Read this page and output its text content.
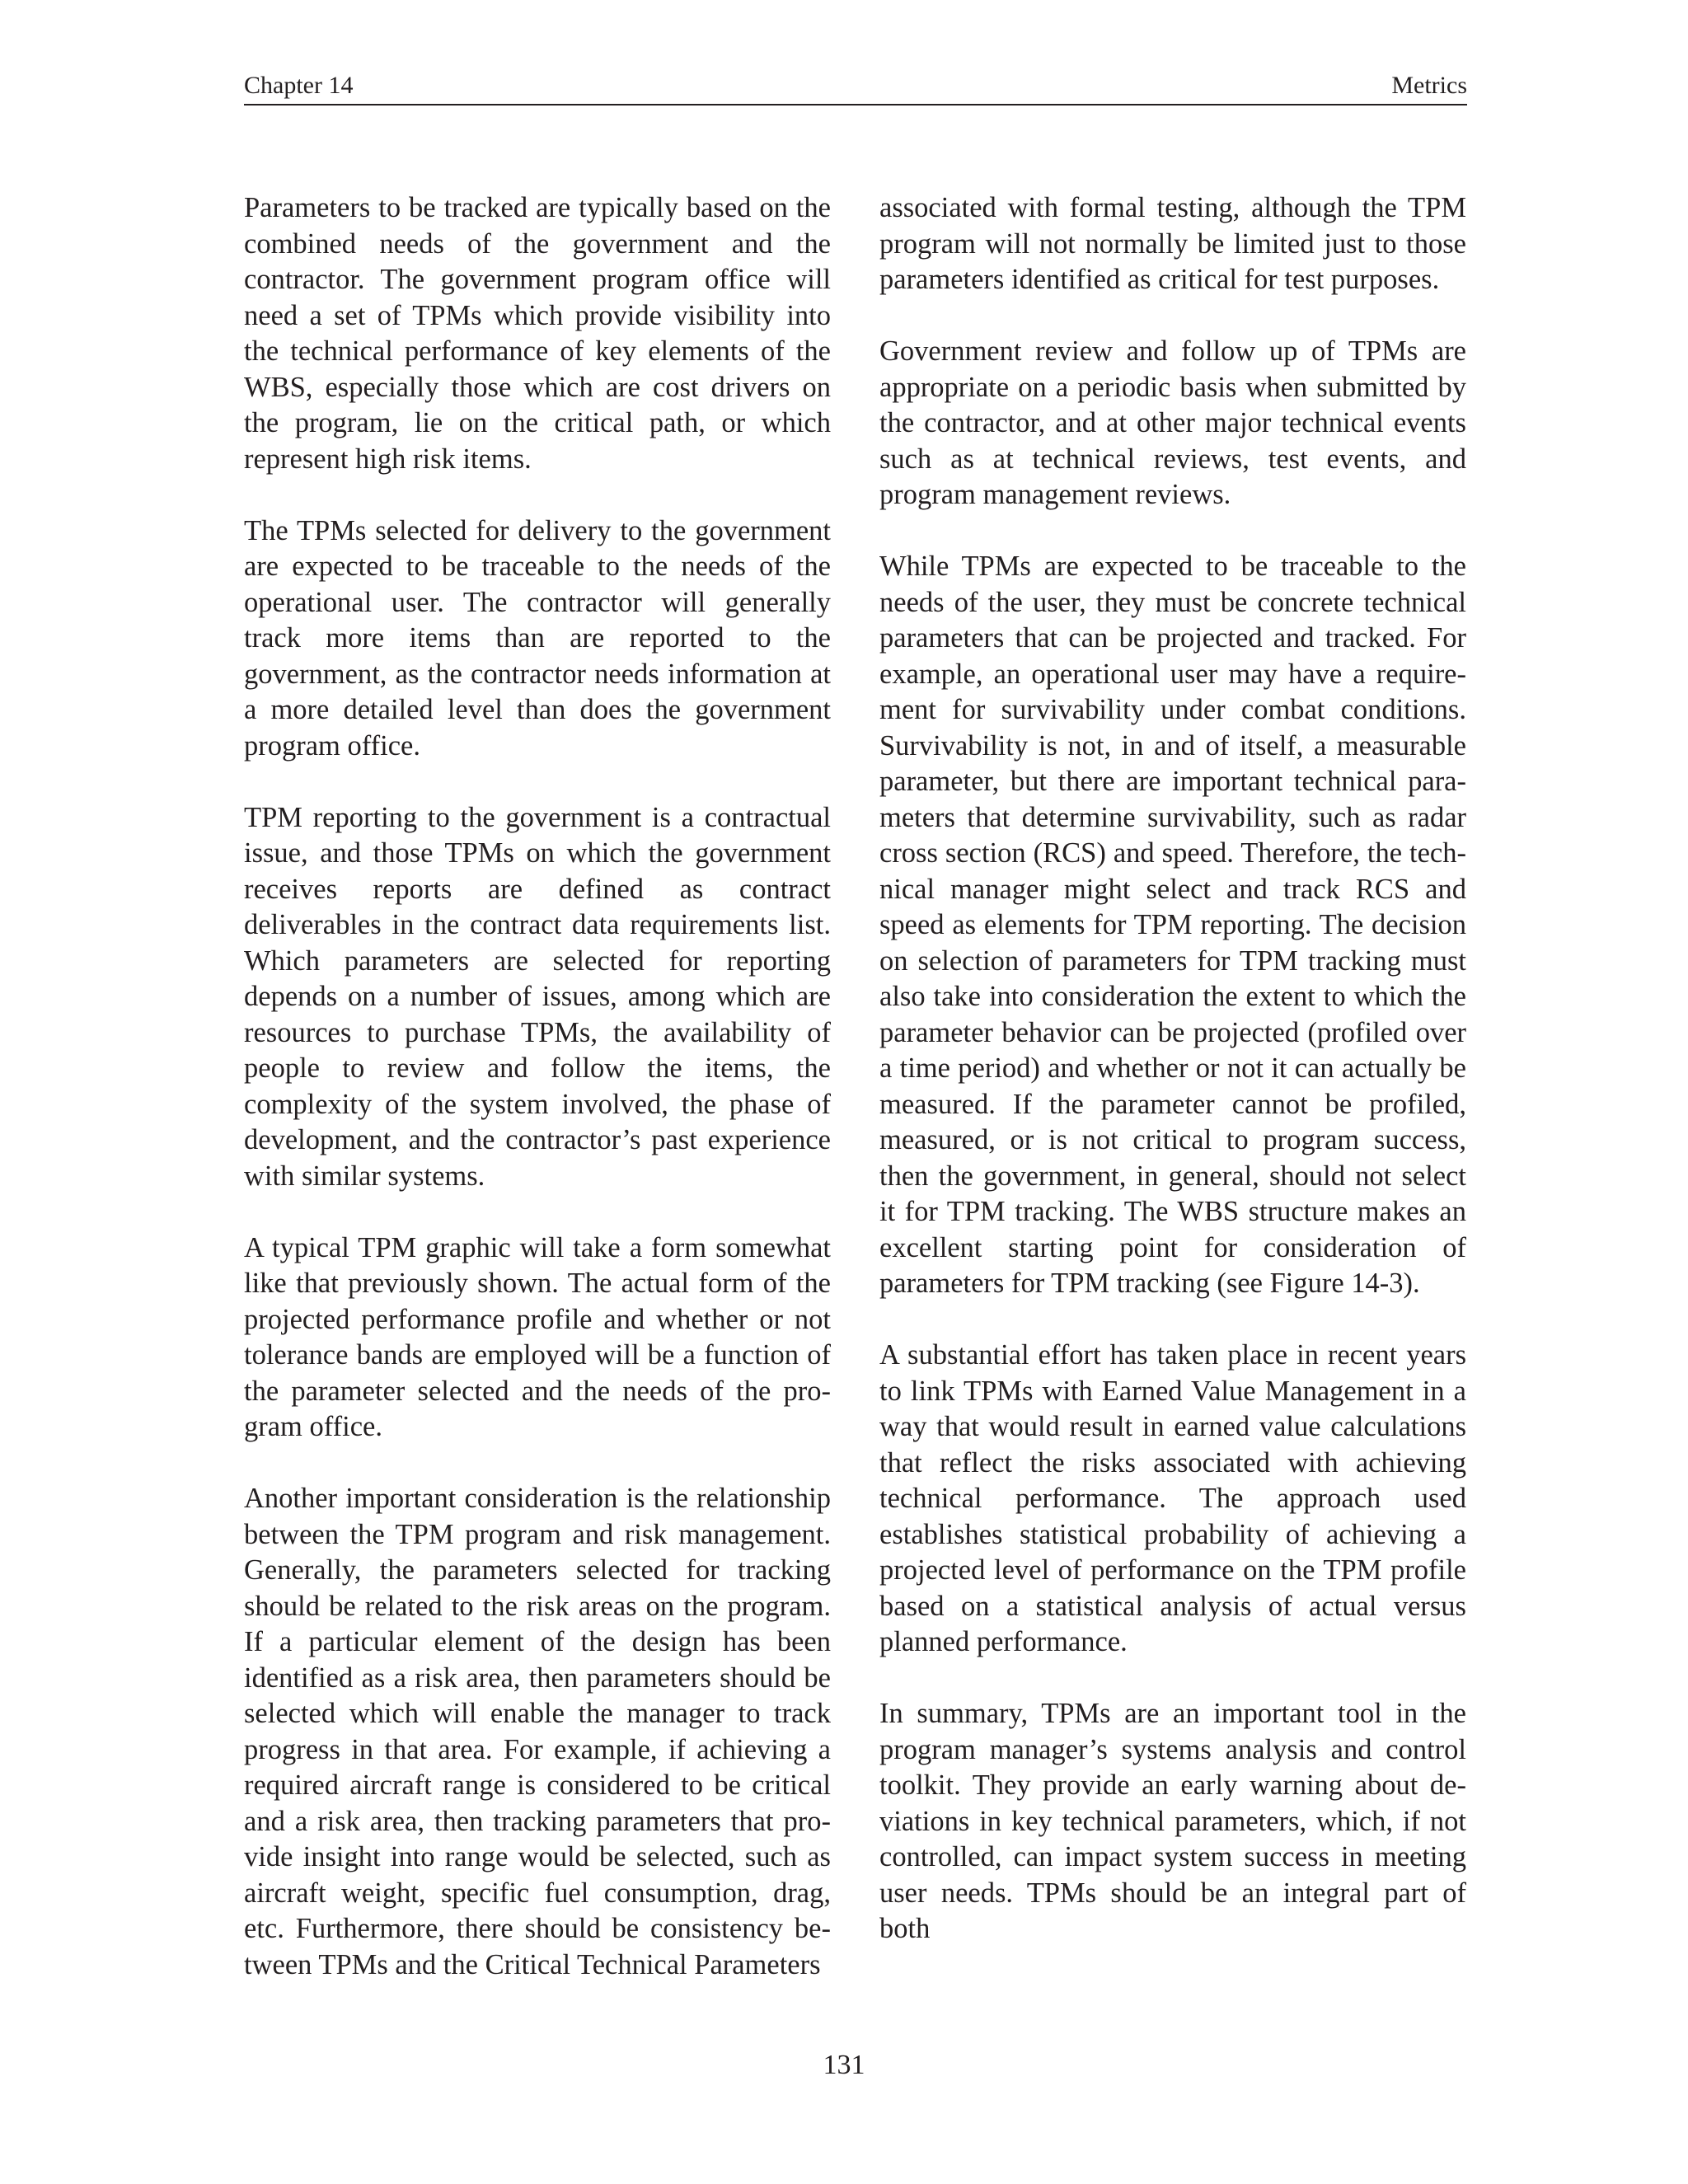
Chapter 14	Metrics

Parameters to be tracked are typically based on the combined needs of the government and the contractor. The government program office will need a set of TPMs which provide visibility into the technical performance of key elements of the WBS, especially those which are cost drivers on the program, lie on the critical path, or which represent high risk items.

The TPMs selected for delivery to the government are expected to be traceable to the needs of the operational user. The contractor will generally track more items than are reported to the government, as the contractor needs information at a more detailed level than does the government program office.

TPM reporting to the government is a contractual issue, and those TPMs on which the government receives reports are defined as contract deliverables in the contract data requirements list. Which parameters are selected for reporting depends on a number of issues, among which are resources to purchase TPMs, the availability of people to review and follow the items, the complexity of the system involved, the phase of development, and the contractor’s past experience with similar systems.

A typical TPM graphic will take a form somewhat like that previously shown. The actual form of the projected performance profile and whether or not tolerance bands are employed will be a function of the parameter selected and the needs of the program office.

Another important consideration is the relationship between the TPM program and risk management. Generally, the parameters selected for tracking should be related to the risk areas on the program. If a particular element of the design has been identified as a risk area, then parameters should be selected which will enable the manager to track progress in that area. For example, if achieving a required aircraft range is considered to be critical and a risk area, then tracking parameters that provide insight into range would be selected, such as aircraft weight, specific fuel consumption, drag, etc. Furthermore, there should be consistency between TPMs and the Critical Technical Parameters

associated with formal testing, although the TPM program will not normally be limited just to those parameters identified as critical for test purposes.

Government review and follow up of TPMs are appropriate on a periodic basis when submitted by the contractor, and at other major technical events such as at technical reviews, test events, and program management reviews.

While TPMs are expected to be traceable to the needs of the user, they must be concrete technical parameters that can be projected and tracked. For example, an operational user may have a requirement for survivability under combat conditions. Survivability is not, in and of itself, a measurable parameter, but there are important technical parameters that determine survivability, such as radar cross section (RCS) and speed. Therefore, the technical manager might select and track RCS and speed as elements for TPM reporting. The decision on selection of parameters for TPM tracking must also take into consideration the extent to which the parameter behavior can be projected (profiled over a time period) and whether or not it can actually be measured. If the parameter cannot be profiled, measured, or is not critical to program success, then the government, in general, should not select it for TPM tracking. The WBS structure makes an excellent starting point for consideration of parameters for TPM tracking (see Figure 14-3).

A substantial effort has taken place in recent years to link TPMs with Earned Value Management in a way that would result in earned value calculations that reflect the risks associated with achieving technical performance. The approach used establishes statistical probability of achieving a projected level of performance on the TPM profile based on a statistical analysis of actual versus planned performance.

In summary, TPMs are an important tool in the program manager’s systems analysis and control toolkit. They provide an early warning about deviations in key technical parameters, which, if not controlled, can impact system success in meeting user needs. TPMs should be an integral part of both

131
